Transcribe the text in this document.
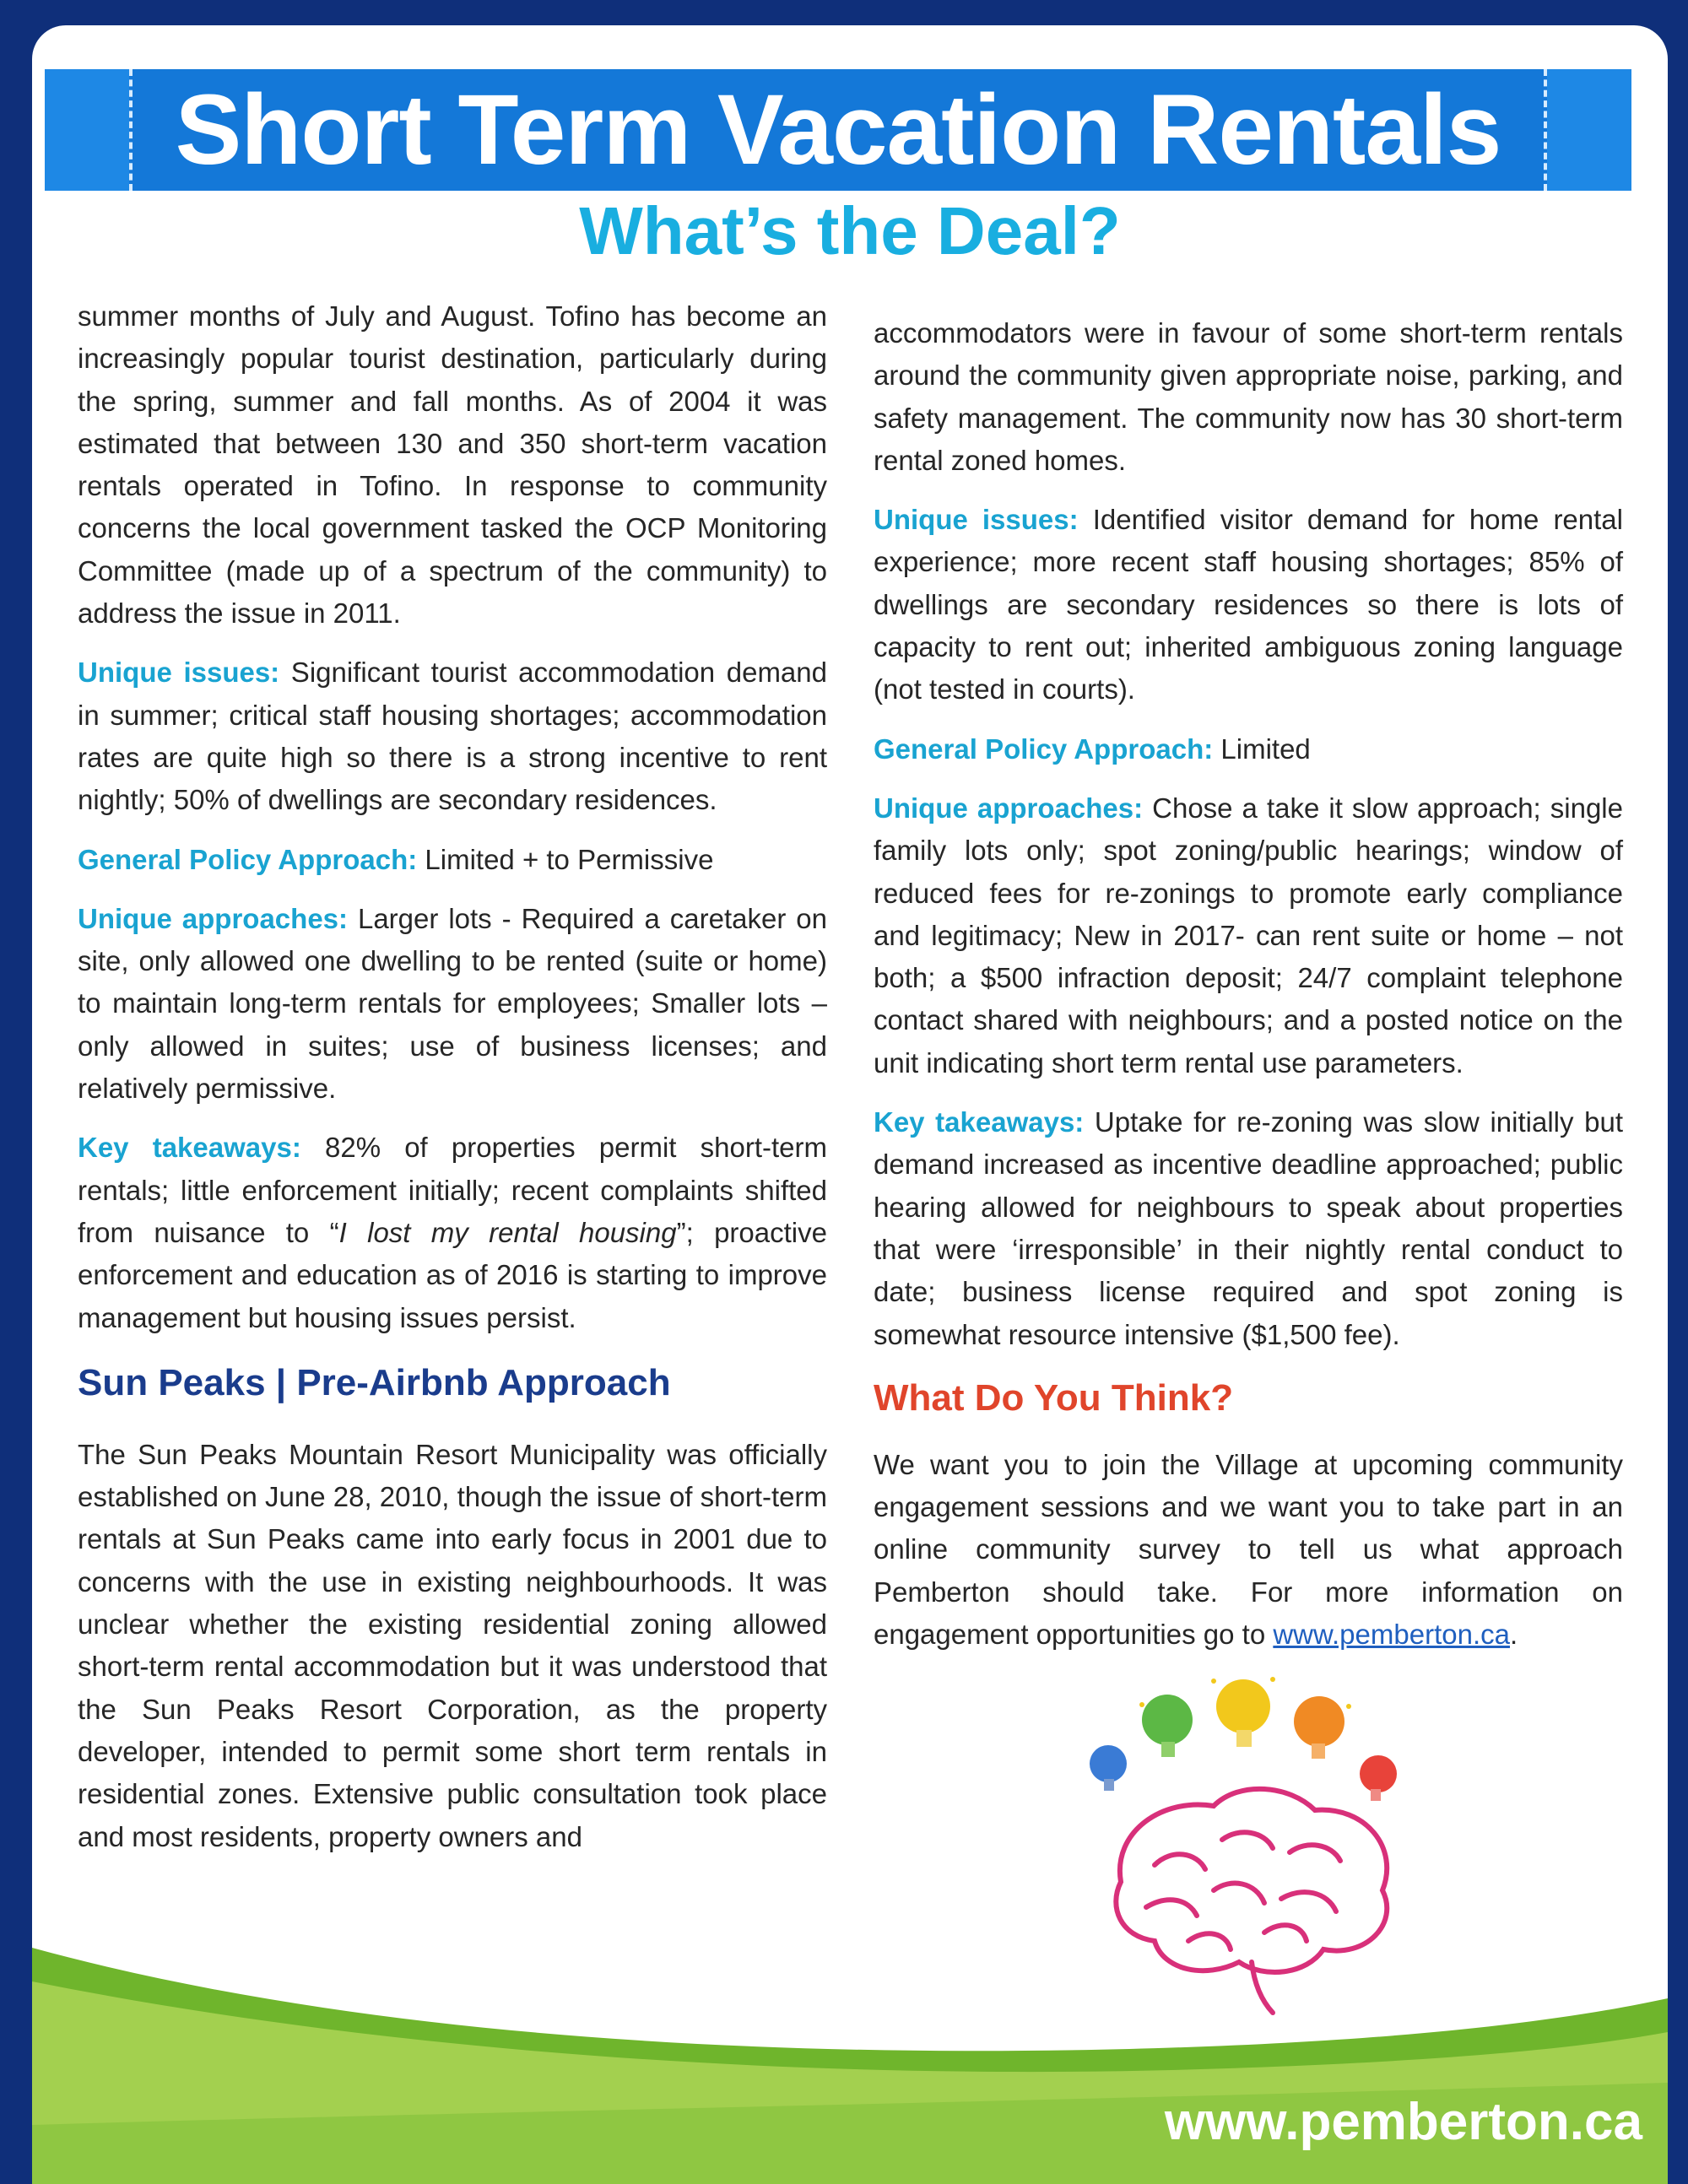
Short Term Vacation Rentals
What’s the Deal?

summer months of July and August. Tofino has become an increasingly popular tourist destination, particularly during the spring, summer and fall months. As of 2004 it was estimated that between 130 and 350 short-term vacation rentals operated in Tofino. In response to community concerns the local government tasked the OCP Monitoring Committee (made up of a spectrum of the community) to address the issue in 2011.

Unique issues: Significant tourist accommodation demand in summer; critical staff housing shortages; accommodation rates are quite high so there is a strong incentive to rent nightly; 50% of dwellings are secondary residences.

General Policy Approach: Limited + to Permissive

Unique approaches: Larger lots - Required a caretaker on site, only allowed one dwelling to be rented (suite or home) to maintain long-term rentals for employees; Smaller lots – only allowed in suites; use of business licenses; and relatively permissive.

Key takeaways: 82% of properties permit short-term rentals; little enforcement initially; recent complaints shifted from nuisance to “I lost my rental housing”; proactive enforcement and education as of 2016 is starting to improve management but housing issues persist.

Sun Peaks | Pre-Airbnb Approach

The Sun Peaks Mountain Resort Municipality was officially established on June 28, 2010, though the issue of short-term rentals at Sun Peaks came into early focus in 2001 due to concerns with the use in existing neighbourhoods. It was unclear whether the existing residential zoning allowed short-term rental accommodation but it was understood that the Sun Peaks Resort Corporation, as the property developer, intended to permit some short term rentals in residential zones. Extensive public consultation took place and most residents, property owners and

accommodators were in favour of some short-term rentals around the community given appropriate noise, parking, and safety management. The community now has 30 short-term rental zoned homes.

Unique issues: Identified visitor demand for home rental experience; more recent staff housing shortages; 85% of dwellings are secondary residences so there is lots of capacity to rent out; inherited ambiguous zoning language (not tested in courts).

General Policy Approach: Limited

Unique approaches: Chose a take it slow approach; single family lots only; spot zoning/public hearings; window of reduced fees for re-zonings to promote early compliance and legitimacy; New in 2017- can rent suite or home – not both; a $500 infraction deposit; 24/7 complaint telephone contact shared with neighbours; and a posted notice on the unit indicating short term rental use parameters.

Key takeaways: Uptake for re-zoning was slow initially but demand increased as incentive deadline approached; public hearing allowed for neighbours to speak about properties that were ‘irresponsible’ in their nightly rental conduct to date; business license required and spot zoning is somewhat resource intensive ($1,500 fee).

What Do You Think?

We want you to join the Village at upcoming community engagement sessions and we want you to take part in an online community survey to tell us what approach Pemberton should take. For more information on engagement opportunities go to www.pemberton.ca.

www.pemberton.ca
